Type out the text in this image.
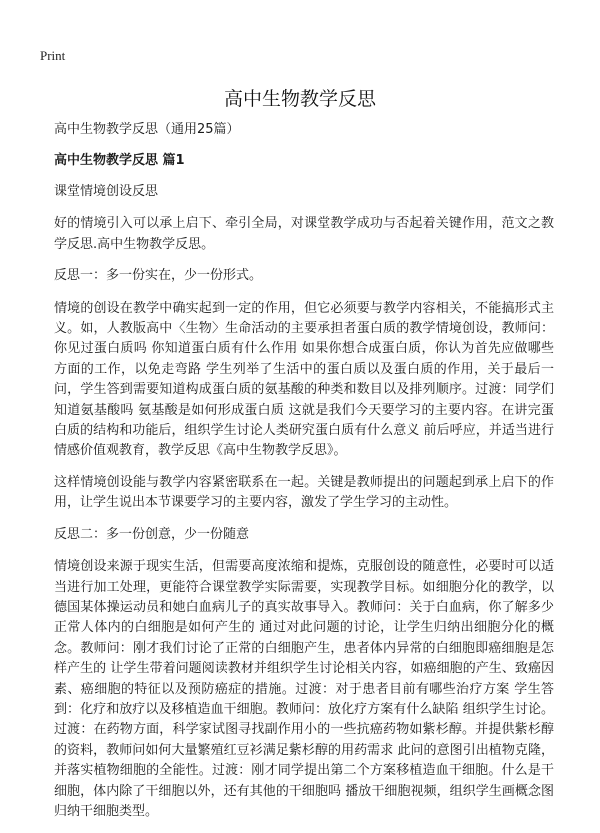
Print
高中生物教学反思

高中生物教学反思（通用25篇）

高中生物教学反思 篇1

课堂情境创设反思

好的情境引入可以承上启下、牵引全局，对课堂教学成功与否起着关键作用，范文之教学反思.高中生物教学反思。

反思一：多一份实在，少一份形式。

情境的创设在教学中确实起到一定的作用，但它必须要与教学内容相关，不能搞形式主义。如，人教版高中〈生物〉生命活动的主要承担者蛋白质的教学情境创设，教师问：你见过蛋白质吗 你知道蛋白质有什么作用 如果你想合成蛋白质，你认为首先应做哪些方面的工作，以免走弯路 学生列举了生活中的蛋白质以及蛋白质的作用，关于最后一问，学生答到需要知道构成蛋白质的氨基酸的种类和数目以及排列顺序。过渡：同学们知道氨基酸吗 氨基酸是如何形成蛋白质 这就是我们今天要学习的主要内容。在讲完蛋白质的结构和功能后，组织学生讨论人类研究蛋白质有什么意义 前后呼应，并适当进行情感价值观教育，教学反思《高中生物教学反思》。

这样情境创设能与教学内容紧密联系在一起。关键是教师提出的问题起到承上启下的作用，让学生说出本节课要学习的主要内容，激发了学生学习的主动性。

反思二：多一份创意，少一份随意

情境创设来源于现实生活，但需要高度浓缩和提炼，克服创设的随意性，必要时可以适当进行加工处理，更能符合课堂教学实际需要，实现教学目标。如细胞分化的教学，以德国某体操运动员和她白血病儿子的真实故事导入。教师问：关于白血病，你了解多少 正常人体内的白细胞是如何产生的 通过对此问题的讨论，让学生归纳出细胞分化的概念。教师问：刚才我们讨论了正常的白细胞产生，患者体内异常的白细胞即癌细胞是怎样产生的 让学生带着问题阅读教材并组织学生讨论相关内容，如癌细胞的产生、致癌因素、癌细胞的特征以及预防癌症的措施。过渡：对于患者目前有哪些治疗方案 学生答到：化疗和放疗以及移植造血干细胞。教师问：放化疗方案有什么缺陷 组织学生讨论。过渡：在药物方面，科学家试图寻找副作用小的一些抗癌药物如紫杉醇。并提供紫杉醇的资料，教师问如何大量繁殖红豆衫满足紫杉醇的用药需求 此问的意图引出植物克隆，并落实植物细胞的全能性。过渡：刚才同学提出第二个方案移植造血干细胞。什么是干细胞，体内除了干细胞以外，还有其他的干细胞吗 播放干细胞视频，组织学生画概念图归纳干细胞类型。
